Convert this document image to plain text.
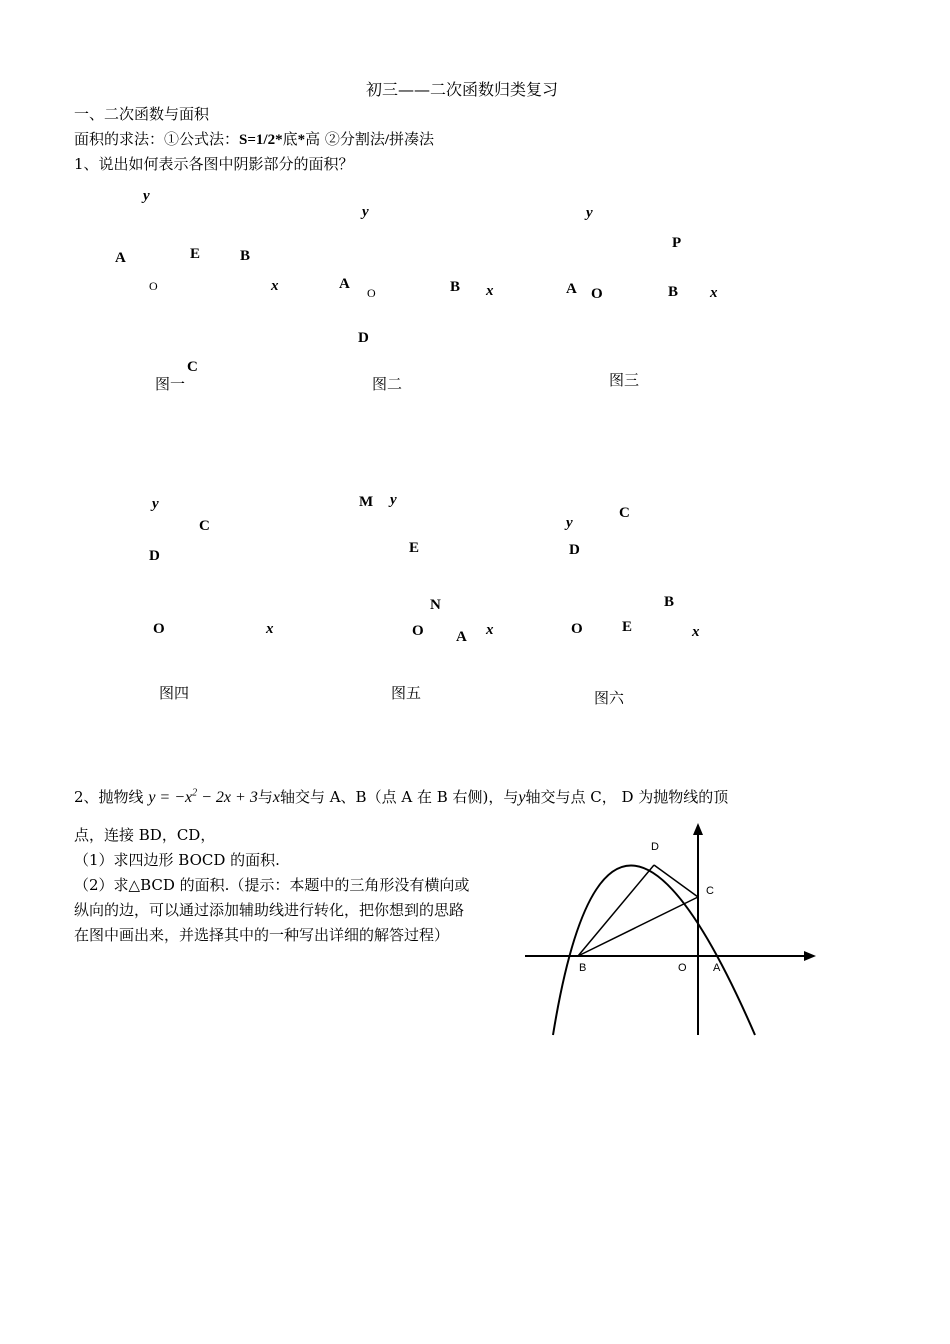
初三——二次函数归类复习
一、二次函数与面积
面积的求法：①公式法：S=1/2*底*高 ②分割法/拼凑法
1、说出如何表示各图中阴影部分的面积？
y
A	E	B
O	x
C
图一
y
A
O	B x
D
图二
y
P
A O	B x
图三
y
C
D
O	x
图四
M y
E
N
O A x
图五
y
C
D
B
O	E	x
图六
2、抛物线 $y = -x^2 - 2x + 3$与x轴交与 A、B（点 A 在 B 右侧)，与y轴交与点 C， D 为抛物线的顶
点，连接 BD，CD，
（1）求四边形 BOCD 的面积.
（2）求△BCD 的面积.（提示：本题中的三角形没有横向或
纵向的边，可以通过添加辅助线进行转化，把你想到的思路
在图中画出来，并选择其中的一种写出详细的解答过程）
D
C
B	O A
